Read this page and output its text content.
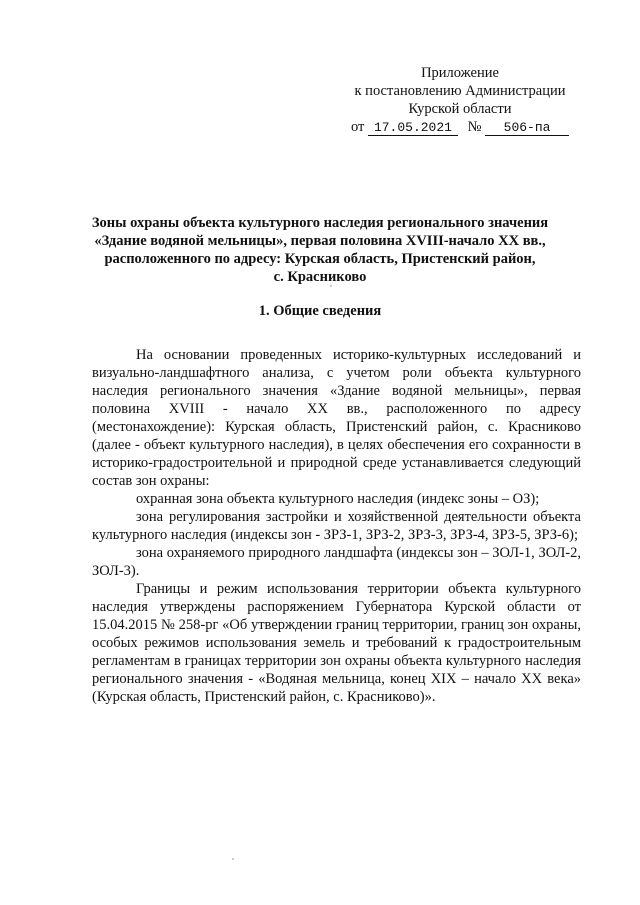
Приложение
к постановлению Администрации
Курской области
от 17.05.2021 № 506-па
Зоны охраны объекта культурного наследия регионального значения
«Здание водяной мельницы», первая половина XVIII-начало XX вв.,
расположенного по адресу: Курская область, Пристенский район,
с. Красниково
1. Общие сведения

На основании проведенных историко-культурных исследований и визуально-ландшафтного анализа, с учетом роли объекта культурного наследия регионального значения «Здание водяной мельницы», первая половина XVIII - начало XX вв., расположенного по адресу (местонахождение): Курская область, Пристенский район, с. Красниково (далее - объект культурного наследия), в целях обеспечения его сохранности в историко-градостроительной и природной среде устанавливается следующий состав зон охраны:

охранная зона объекта культурного наследия (индекс зоны – ОЗ);

зона регулирования застройки и хозяйственной деятельности объекта культурного наследия (индексы зон - ЗРЗ-1, ЗРЗ-2, ЗРЗ-3, ЗРЗ-4, ЗРЗ-5, ЗРЗ-6);

зона охраняемого природного ландшафта (индексы зон – ЗОЛ-1, ЗОЛ-2, ЗОЛ-3).

Границы и режим использования территории объекта культурного наследия утверждены распоряжением Губернатора Курской области от 15.04.2015 № 258-рг «Об утверждении границ территории, границ зон охраны, особых режимов использования земель и требований к градостроительным регламентам в границах территории зон охраны объекта культурного наследия регионального значения - «Водяная мельница, конец XIX – начало XX века» (Курская область, Пристенский район, с. Красниково)».
